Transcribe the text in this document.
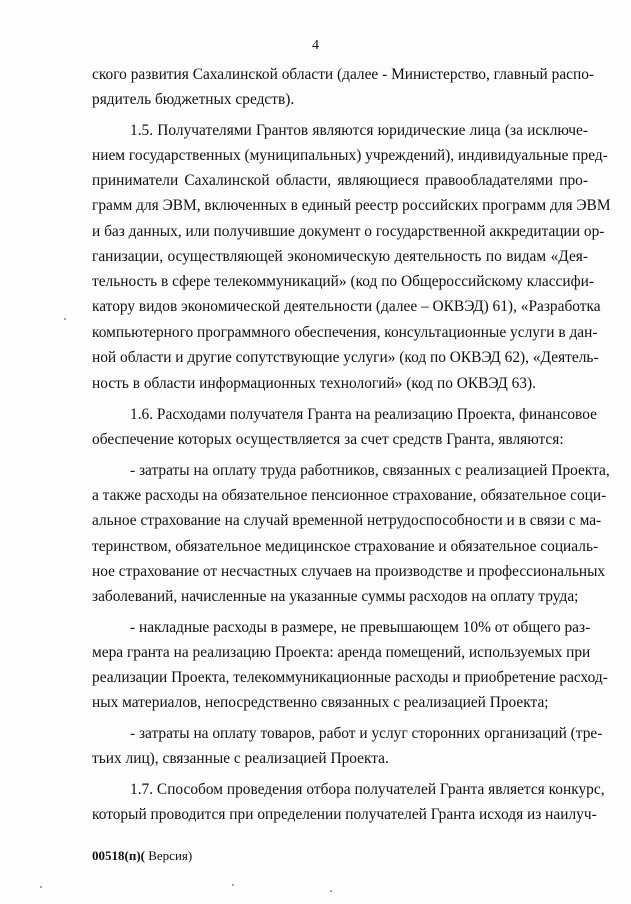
4
ского развития Сахалинской области (далее - Министерство, главный распо-
рядитель бюджетных средств).
1.5. Получателями Грантов являются юридические лица (за исключе-
нием государственных (муниципальных) учреждений), индивидуальные пред-
приниматели Сахалинской области, являющиеся правообладателями про-
грамм для ЭВМ, включенных в единый реестр российских программ для ЭВМ
и баз данных, или получившие документ о государственной аккредитации ор-
ганизации, осуществляющей экономическую деятельность по видам «Дея-
тельность в сфере телекоммуникаций» (код по Общероссийскому классифи-
катору видов экономической деятельности (далее – ОКВЭД) 61), «Разработка
компьютерного программного обеспечения, консультационные услуги в дан-
ной области и другие сопутствующие услуги» (код по ОКВЭД 62), «Деятель-
ность в области информационных технологий» (код по ОКВЭД 63).
1.6. Расходами получателя Гранта на реализацию Проекта, финансовое
обеспечение которых осуществляется за счет средств Гранта, являются:
- затраты на оплату труда работников, связанных с реализацией Проекта,
а также расходы на обязательное пенсионное страхование, обязательное соци-
альное страхование на случай временной нетрудоспособности и в связи с ма-
теринством, обязательное медицинское страхование и обязательное социаль-
ное страхование от несчастных случаев на производстве и профессиональных
заболеваний, начисленные на указанные суммы расходов на оплату труда;
- накладные расходы в размере, не превышающем 10% от общего раз-
мера гранта на реализацию Проекта: аренда помещений, используемых при
реализации Проекта, телекоммуникационные расходы и приобретение расход-
ных материалов, непосредственно связанных с реализацией Проекта;
- затраты на оплату товаров, работ и услуг сторонних организаций (тре-
тьих лиц), связанные с реализацией Проекта.
1.7. Способом проведения отбора получателей Гранта является конкурс,
который проводится при определении получателей Гранта исходя из наилуч-
00518(п)( Версия)
